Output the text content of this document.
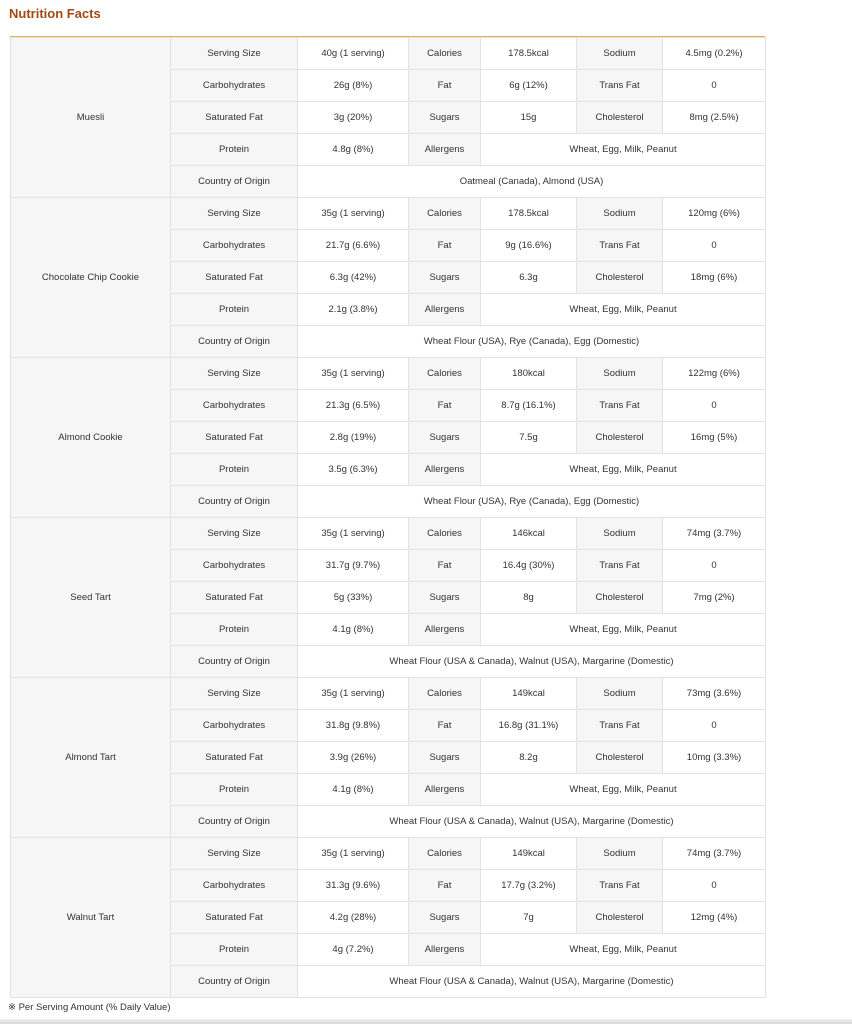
Nutrition Facts
Muesli	Serving Size	40g (1 serving)	Calories	178.5kcal	Sodium	4.5mg (0.2%)
	Carbohydrates	26g (8%)	Fat	6g (12%)	Trans Fat	0
	Saturated Fat	3g (20%)	Sugars	15g	Cholesterol	8mg (2.5%)
	Protein	4.8g (8%)	Allergens	Wheat, Egg, Milk, Peanut		
	Country of Origin	Oatmeal (Canada), Almond (USA)				
Chocolate Chip Cookie	Serving Size	35g (1 serving)	Calories	178.5kcal	Sodium	120mg (6%)
	Carbohydrates	21.7g (6.6%)	Fat	9g (16.6%)	Trans Fat	0
	Saturated Fat	6.3g (42%)	Sugars	6.3g	Cholesterol	18mg (6%)
	Protein	2.1g (3.8%)	Allergens	Wheat, Egg, Milk, Peanut		
	Country of Origin	Wheat Flour (USA), Rye (Canada), Egg (Domestic)				
Almond Cookie	Serving Size	35g (1 serving)	Calories	180kcal	Sodium	122mg (6%)
	Carbohydrates	21.3g (6.5%)	Fat	8.7g (16.1%)	Trans Fat	0
	Saturated Fat	2.8g (19%)	Sugars	7.5g	Cholesterol	16mg (5%)
	Protein	3.5g (6.3%)	Allergens	Wheat, Egg, Milk, Peanut		
	Country of Origin	Wheat Flour (USA), Rye (Canada), Egg (Domestic)				
Seed Tart	Serving Size	35g (1 serving)	Calories	146kcal	Sodium	74mg (3.7%)
	Carbohydrates	31.7g (9.7%)	Fat	16.4g (30%)	Trans Fat	0
	Saturated Fat	5g (33%)	Sugars	8g	Cholesterol	7mg (2%)
	Protein	4.1g (8%)	Allergens	Wheat, Egg, Milk, Peanut		
	Country of Origin	Wheat Flour (USA & Canada), Walnut (USA), Margarine (Domestic)				
Almond Tart	Serving Size	35g (1 serving)	Calories	149kcal	Sodium	73mg (3.6%)
	Carbohydrates	31.8g (9.8%)	Fat	16.8g (31.1%)	Trans Fat	0
	Saturated Fat	3.9g (26%)	Sugars	8.2g	Cholesterol	10mg (3.3%)
	Protein	4.1g (8%)	Allergens	Wheat, Egg, Milk, Peanut		
	Country of Origin	Wheat Flour (USA & Canada), Walnut (USA), Margarine (Domestic)				
Walnut Tart	Serving Size	35g (1 serving)	Calories	149kcal	Sodium	74mg (3.7%)
	Carbohydrates	31.3g (9.6%)	Fat	17.7g (3.2%)	Trans Fat	0
	Saturated Fat	4.2g (28%)	Sugars	7g	Cholesterol	12mg (4%)
	Protein	4g (7.2%)	Allergens	Wheat, Egg, Milk, Peanut		
	Country of Origin	Wheat Flour (USA & Canada), Walnut (USA), Margarine (Domestic)				
※ Per Serving Amount (% Daily Value)
